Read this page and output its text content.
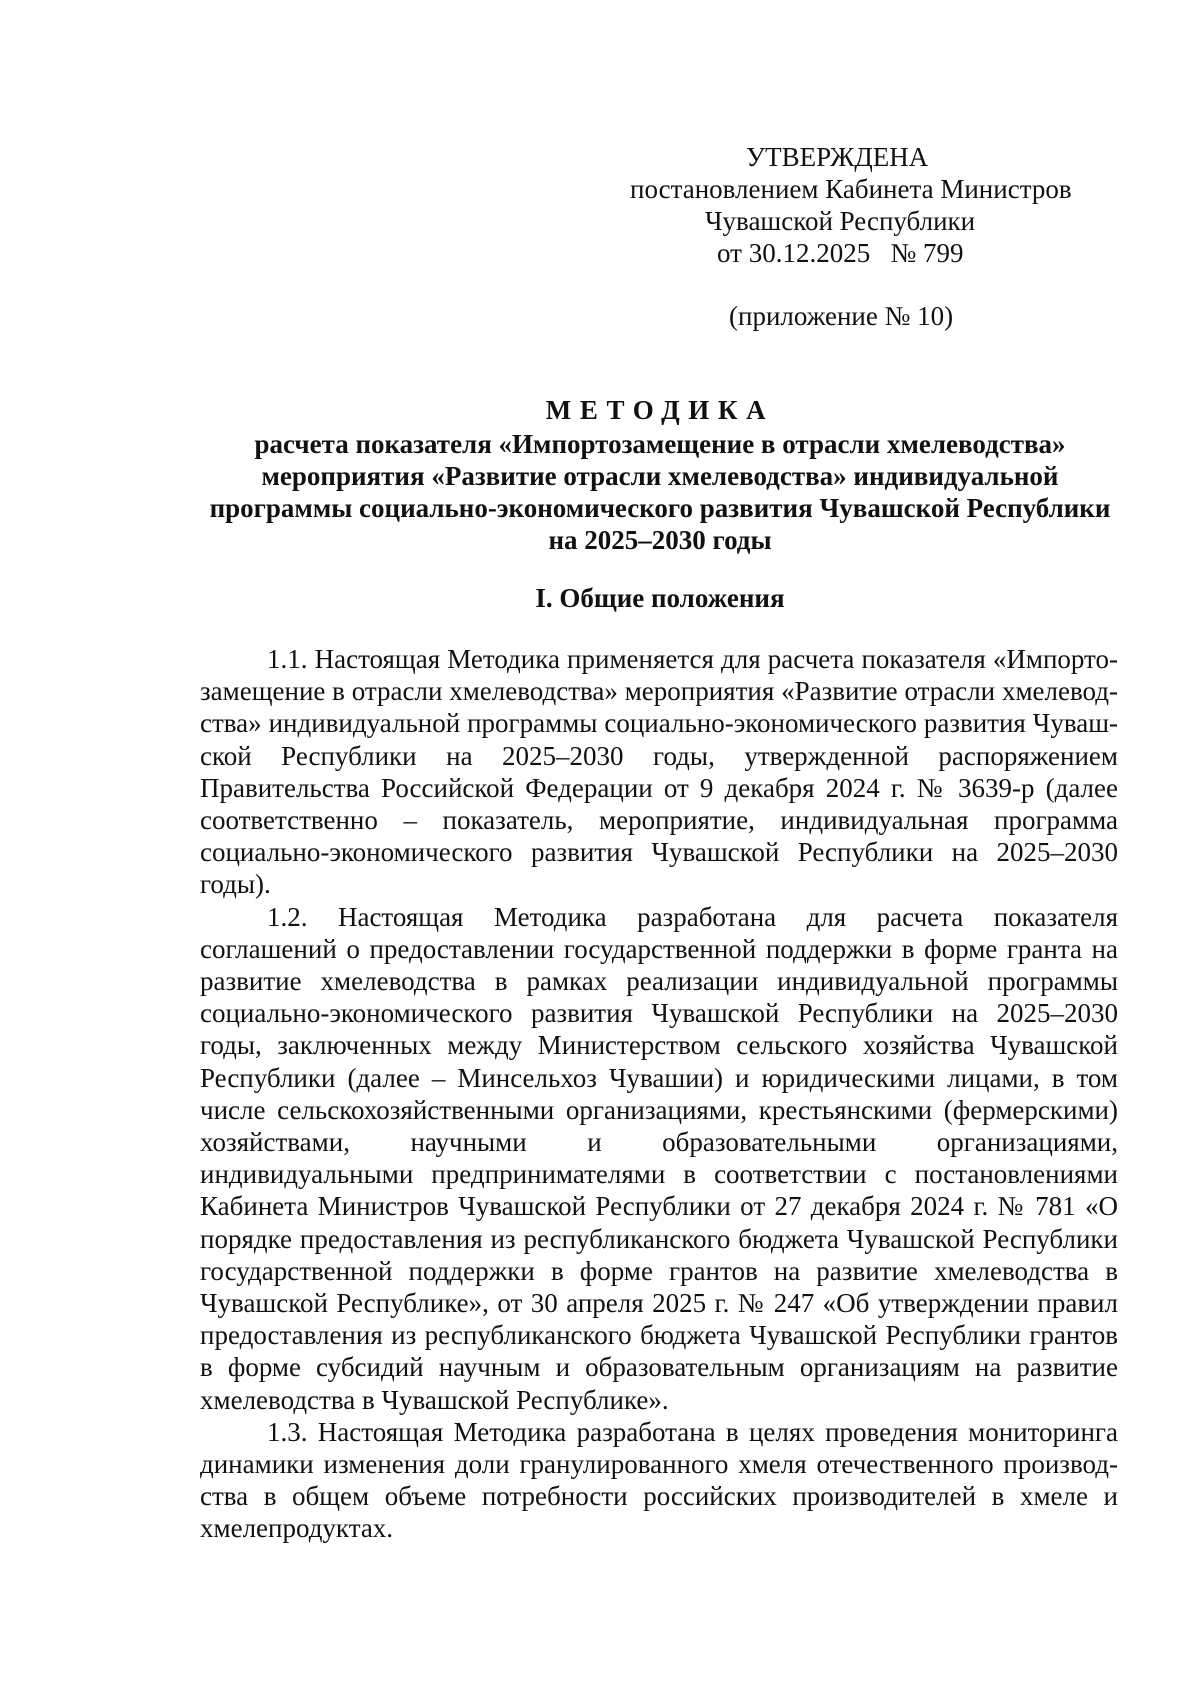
УТВЕРЖДЕНА
постановлением Кабинета Министров
Чувашской Республики
от 30.12.2025   № 799
(приложение № 10)
МЕТОДИКА
расчета показателя «Импортозамещение в отрасли хмелеводства»
мероприятия «Развитие отрасли хмелеводства» индивидуальной
программы социально-экономического развития Чувашской Республики
на 2025–2030 годы
I. Общие положения

1.1. Настоящая Методика применяется для расчета показателя «Импортозамещение в отрасли хмелеводства» мероприятия «Развитие отрасли хмелеводства» индивидуальной программы социально-экономического развития Чувашской Республики на 2025–2030 годы, утвержденной распоряжением Правительства Российской Федерации от 9 декабря 2024 г. № 3639-р (далее соответственно – показатель, мероприятие, индивидуальная программа социально-экономического развития Чувашской Республики на 2025–2030 годы).

1.2. Настоящая Методика разработана для расчета показателя соглашений о предоставлении государственной поддержки в форме гранта на развитие хмелеводства в рамках реализации индивидуальной программы социально-экономического развития Чувашской Республики на 2025–2030 годы, заключенных между Министерством сельского хозяйства Чувашской Республики (далее – Минсельхоз Чувашии) и юридическими лицами, в том числе сельскохозяйственными организациями, крестьянскими (фермерскими) хозяйствами, научными и образовательными организациями, индивидуальными предпринимателями в соответствии с постановлениями Кабинета Министров Чувашской Республики от 27 декабря 2024 г. № 781 «О порядке предоставления из республиканского бюджета Чувашской Республики государственной поддержки в форме грантов на развитие хмелеводства в Чувашской Республике», от 30 апреля 2025 г. № 247 «Об утверждении правил предоставления из республиканского бюджета Чувашской Республики грантов в форме субсидий научным и образовательным организациям на развитие хмелеводства в Чувашской Республике».

1.3. Настоящая Методика разработана в целях проведения мониторинга динамики изменения доли гранулированного хмеля отечественного производства в общем объеме потребности российских производителей в хмеле и хмелепродуктах.
